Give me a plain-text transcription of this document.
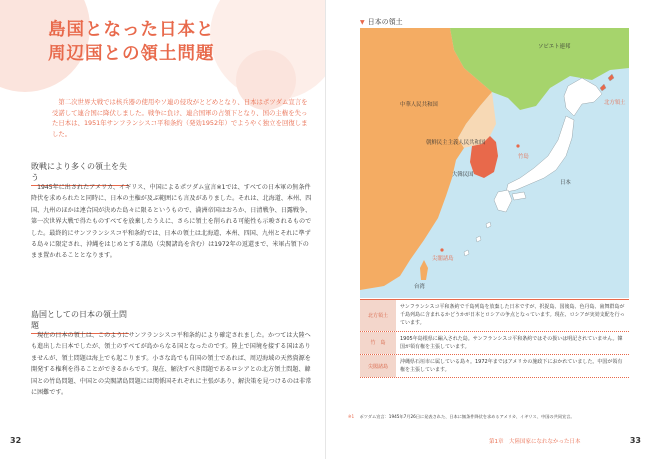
島国となった日本と
周辺国との領土問題

　第二次世界大戦では核兵器の使用やソ連の侵攻がとどめとなり、日本はポツダム宣言を受諾して連合国に降伏しました。戦争に負け、連合国軍の占領下となり、国の主権を失った日本は、1951年サンフランシスコ平和条約（発効1952年）でようやく独立を回復しました。

敗戦により多くの領土を失う

　1945年に出されたアメリカ、イギリス、中国によるポツダム宣言※1では、すべての日本軍の無条件降伏を求められたと同時に、日本の主権が及ぶ範囲にも言及がありました。それは、北海道、本州、四国、九州のほかは連合国が決めた島々に限るというもので、満洲帝国はおろか、日清戦争、日露戦争、第一次世界大戦で得たものすべてを放棄したうえに、さらに領土を削られる可能性も示唆されるものでした。最終的にサンフランシスコ平和条約では、日本の領土は北海道、本州、四国、九州とそれに準ずる島々に限定され、沖縄をはじめとする諸島（尖閣諸島を含む）は1972年の返還まで、米軍占領下のまま置かれることとなります。

島国としての日本の領土問題

　現在の日本の領土は、このようにサンフランシスコ平和条約により確定されました。かつては大陸へも進出した日本でしたが、領土のすべてが島からなる国となったのです。陸上で国境を接する国はありませんが、領土問題は海上でも起こります。小さな島でも自国の領土であれば、周辺海域の天然資源を開発する権利を得ることができるからです。現在、解決すべき問題であるロシアとの北方領土問題、韓国との竹島問題、中国との尖閣諸島問題には関係国それぞれに主張があり、解決策を見つけるのは非常に困難です。

32
▼ 日本の領土
ソビエト連邦
中華人民共和国
朝鮮民主主義人民共和国
大韓民国
日本
北方領土
竹島
尖閣諸島
台湾
北方領土
サンフランシスコ平和条約で千島列島を放棄した日本ですが、択捉島、国後島、色丹島、歯舞群島が千島列島に含まれるかどうかが日本とロシアの争点となっています。現在、ロシアが実効支配を行っています。
竹　島
1905年島根県に編入された島。サンフランシスコ平和条約ではその扱いは明記されていません。韓国が領有権を主張しています。
尖閣諸島
沖縄県石垣市に属している島々。1972年まではアメリカの施政下におかれていました。中国が領有権を主張しています。
※1 ポツダム宣言：1945年7月26日に発表された、日本に無条件降伏を求めるアメリカ、イギリス、中国の共同宣言。
第1章　大陸国家になれなかった日本	33
